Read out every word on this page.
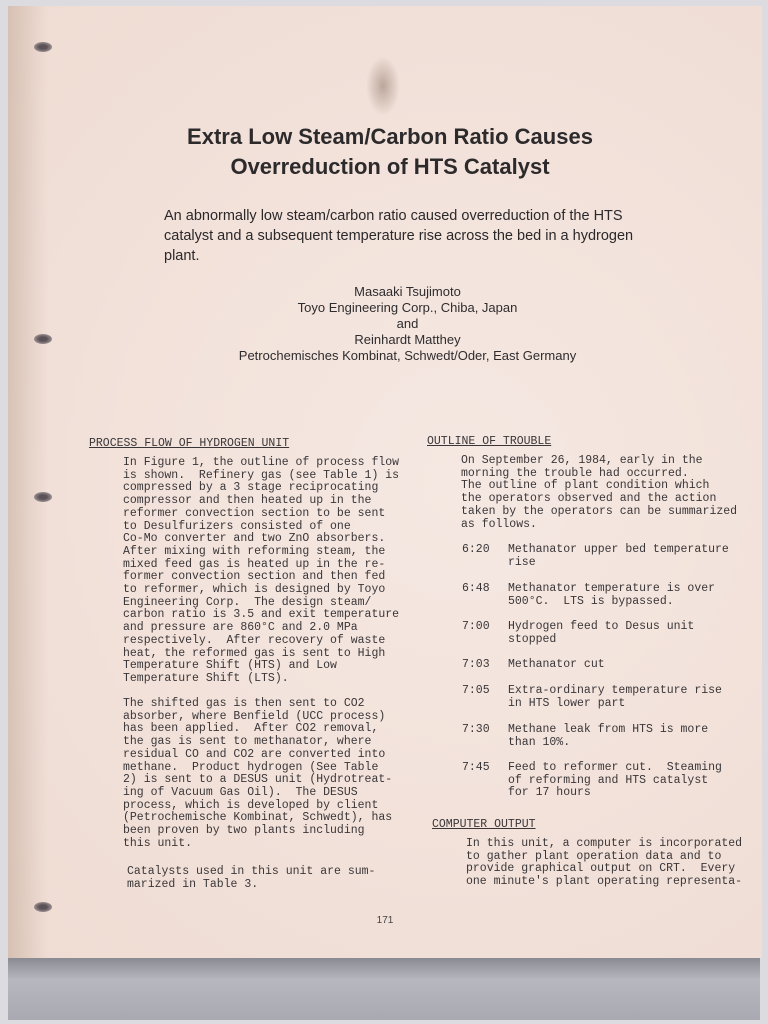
Extra Low Steam/Carbon Ratio Causes
Overreduction of HTS Catalyst

An abnormally low steam/carbon ratio caused overreduction of the HTS catalyst and a subsequent temperature rise across the bed in a hydrogen plant.

Masaaki Tsujimoto
Toyo Engineering Corp., Chiba, Japan
and
Reinhardt Matthey
Petrochemisches Kombinat, Schwedt/Oder, East Germany
PROCESS FLOW OF HYDROGEN UNIT
In Figure 1, the outline of process flow
is shown.  Refinery gas (see Table 1) is
compressed by a 3 stage reciprocating
compressor and then heated up in the
reformer convection section to be sent
to Desulfurizers consisted of one
Co-Mo converter and two ZnO absorbers.
After mixing with reforming steam, the
mixed feed gas is heated up in the re-
former convection section and then fed
to reformer, which is designed by Toyo
Engineering Corp.  The design steam/
carbon ratio is 3.5 and exit temperature
and pressure are 860°C and 2.0 MPa
respectively.  After recovery of waste
heat, the reformed gas is sent to High
Temperature Shift (HTS) and Low
Temperature Shift (LTS).
The shifted gas is then sent to CO2
absorber, where Benfield (UCC process)
has been applied.  After CO2 removal,
the gas is sent to methanator, where
residual CO and CO2 are converted into
methane.  Product hydrogen (See Table
2) is sent to a DESUS unit (Hydrotreat-
ing of Vacuum Gas Oil).  The DESUS
process, which is developed by client
(Petrochemische Kombinat, Schwedt), has
been proven by two plants including
this unit.
Catalysts used in this unit are sum-
marized in Table 3.
OUTLINE OF TROUBLE
On September 26, 1984, early in the
morning the trouble had occurred.
The outline of plant condition which
the operators observed and the action
taken by the operators can be summarized
as follows.
6:20 Methanator upper bed temperature
rise
6:48 Methanator temperature is over
500°C.  LTS is bypassed.
7:00 Hydrogen feed to Desus unit
stopped
7:03 Methanator cut
7:05 Extra-ordinary temperature rise
in HTS lower part
7:30 Methane leak from HTS is more
than 10%.
7:45 Feed to reformer cut.  Steaming
of reforming and HTS catalyst
for 17 hours
COMPUTER OUTPUT
In this unit, a computer is incorporated
to gather plant operation data and to
provide graphical output on CRT.  Every
one minute's plant operating representa-
171
